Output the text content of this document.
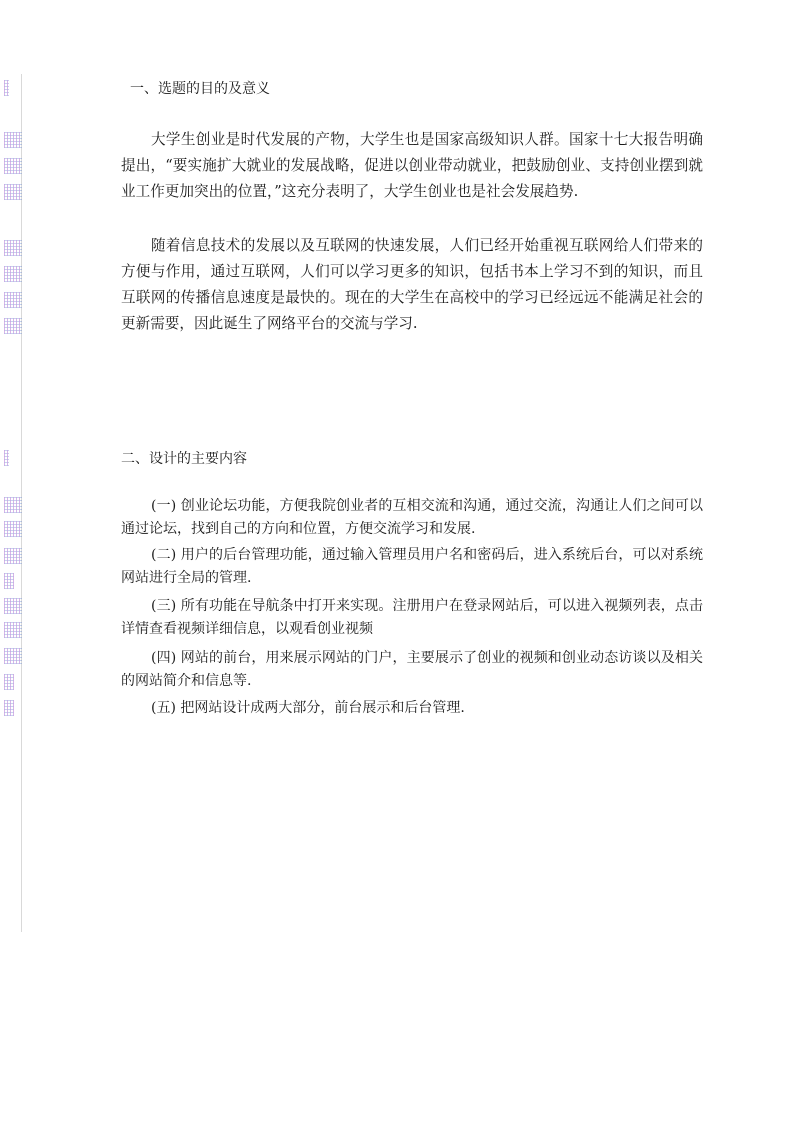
一、选题的目的及意义

大学生创业是时代发展的产物，大学生也是国家高级知识人群。国家十七大报告明确提出，“要实施扩大就业的发展战略，促进以创业带动就业，把鼓励创业、支持创业摆到就业工作更加突出的位置，”这充分表明了，大学生创业也是社会发展趋势.

随着信息技术的发展以及互联网的快速发展，人们已经开始重视互联网给人们带来的方便与作用，通过互联网，人们可以学习更多的知识，包括书本上学习不到的知识，而且互联网的传播信息速度是最快的。现在的大学生在高校中的学习已经远远不能满足社会的更新需要，因此诞生了网络平台的交流与学习.

二、设计的主要内容

(一) 创业论坛功能，方便我院创业者的互相交流和沟通，通过交流，沟通让人们之间可以通过论坛，找到自己的方向和位置，方便交流学习和发展.

(二) 用户的后台管理功能，通过输入管理员用户名和密码后，进入系统后台，可以对系统网站进行全局的管理.

(三) 所有功能在导航条中打开来实现。注册用户在登录网站后，可以进入视频列表，点击详情查看视频详细信息，以观看创业视频

(四) 网站的前台，用来展示网站的门户，主要展示了创业的视频和创业动态访谈以及相关的网站简介和信息等.

(五) 把网站设计成两大部分，前台展示和后台管理.
